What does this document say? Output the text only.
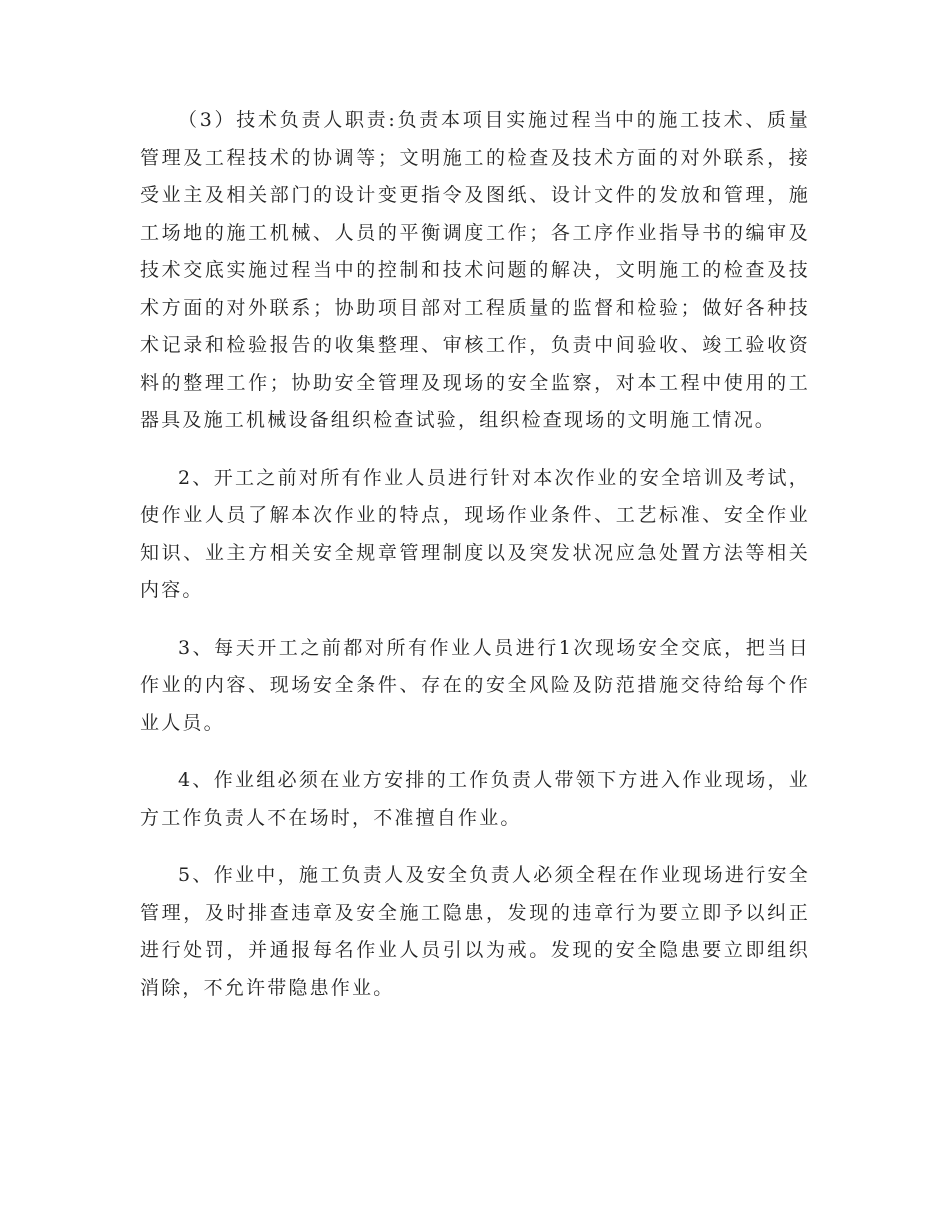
（3）技术负责人职责:负责本项目实施过程当中的施工技术、质量管理及工程技术的协调等；文明施工的检查及技术方面的对外联系，接受业主及相关部门的设计变更指令及图纸、设计文件的发放和管理，施工场地的施工机械、人员的平衡调度工作；各工序作业指导书的编审及技术交底实施过程当中的控制和技术问题的解决，文明施工的检查及技术方面的对外联系；协助项目部对工程质量的监督和检验；做好各种技术记录和检验报告的收集整理、审核工作，负责中间验收、竣工验收资料的整理工作；协助安全管理及现场的安全监察，对本工程中使用的工器具及施工机械设备组织检查试验，组织检查现场的文明施工情况。

2、开工之前对所有作业人员进行针对本次作业的安全培训及考试，使作业人员了解本次作业的特点，现场作业条件、工艺标准、安全作业知识、业主方相关安全规章管理制度以及突发状况应急处置方法等相关内容。

3、每天开工之前都对所有作业人员进行1次现场安全交底，把当日作业的内容、现场安全条件、存在的安全风险及防范措施交待给每个作业人员。

4、作业组必须在业方安排的工作负责人带领下方进入作业现场，业方工作负责人不在场时，不准擅自作业。

5、作业中，施工负责人及安全负责人必须全程在作业现场进行安全管理，及时排查违章及安全施工隐患，发现的违章行为要立即予以纠正进行处罚，并通报每名作业人员引以为戒。发现的安全隐患要立即组织消除，不允许带隐患作业。
